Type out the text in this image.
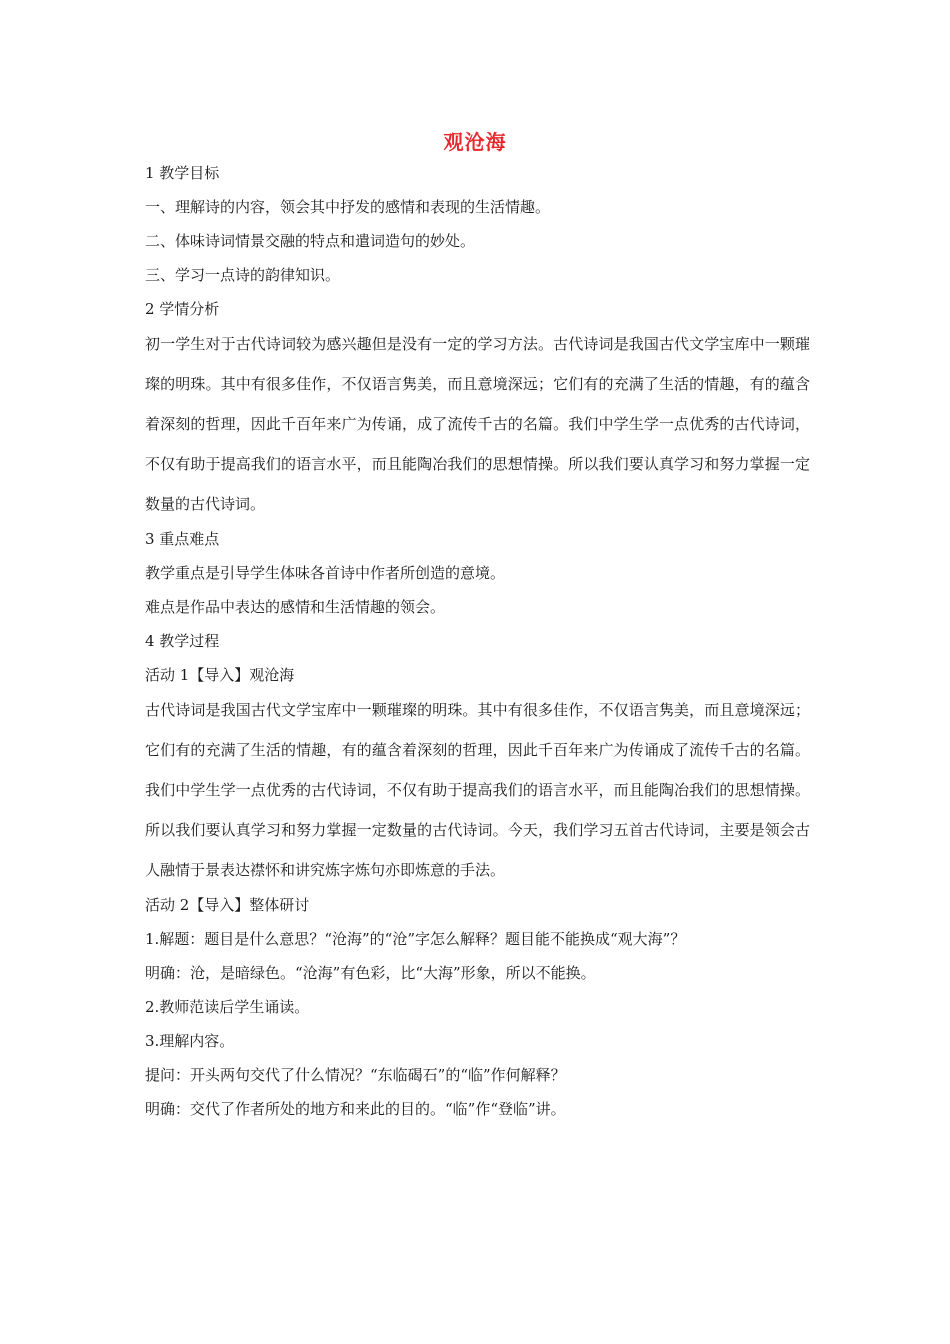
观沧海
1 教学目标
一、理解诗的内容，领会其中抒发的感情和表现的生活情趣。
二、体味诗词情景交融的特点和遣词造句的妙处。
三、学习一点诗的韵律知识。
2 学情分析
初一学生对于古代诗词较为感兴趣但是没有一定的学习方法。古代诗词是我国古代文学宝库中一颗璀璨的明珠。其中有很多佳作，不仅语言隽美，而且意境深远；它们有的充满了生活的情趣，有的蕴含着深刻的哲理，因此千百年来广为传诵，成了流传千古的名篇。我们中学生学一点优秀的古代诗词，不仅有助于提高我们的语言水平，而且能陶冶我们的思想情操。所以我们要认真学习和努力掌握一定数量的古代诗词。
3 重点难点
教学重点是引导学生体味各首诗中作者所创造的意境。
难点是作品中表达的感情和生活情趣的领会。
4 教学过程
活动 1【导入】观沧海
古代诗词是我国古代文学宝库中一颗璀璨的明珠。其中有很多佳作，不仅语言隽美，而且意境深远；它们有的充满了生活的情趣，有的蕴含着深刻的哲理，因此千百年来广为传诵成了流传千古的名篇。我们中学生学一点优秀的古代诗词，不仅有助于提高我们的语言水平，而且能陶冶我们的思想情操。所以我们要认真学习和努力掌握一定数量的古代诗词。今天，我们学习五首古代诗词，主要是领会古人融情于景表达襟怀和讲究炼字炼句亦即炼意的手法。
活动 2【导入】整体研讨
1.解题：题目是什么意思？“沧海”的“沧”字怎么解释？题目能不能换成“观大海”？
明确：沧，是暗绿色。“沧海”有色彩，比“大海”形象，所以不能换。
2.教师范读后学生诵读。
3.理解内容。
提问：开头两句交代了什么情况？“东临碣石”的“临”作何解释？
明确：交代了作者所处的地方和来此的目的。“临”作“登临”讲。
